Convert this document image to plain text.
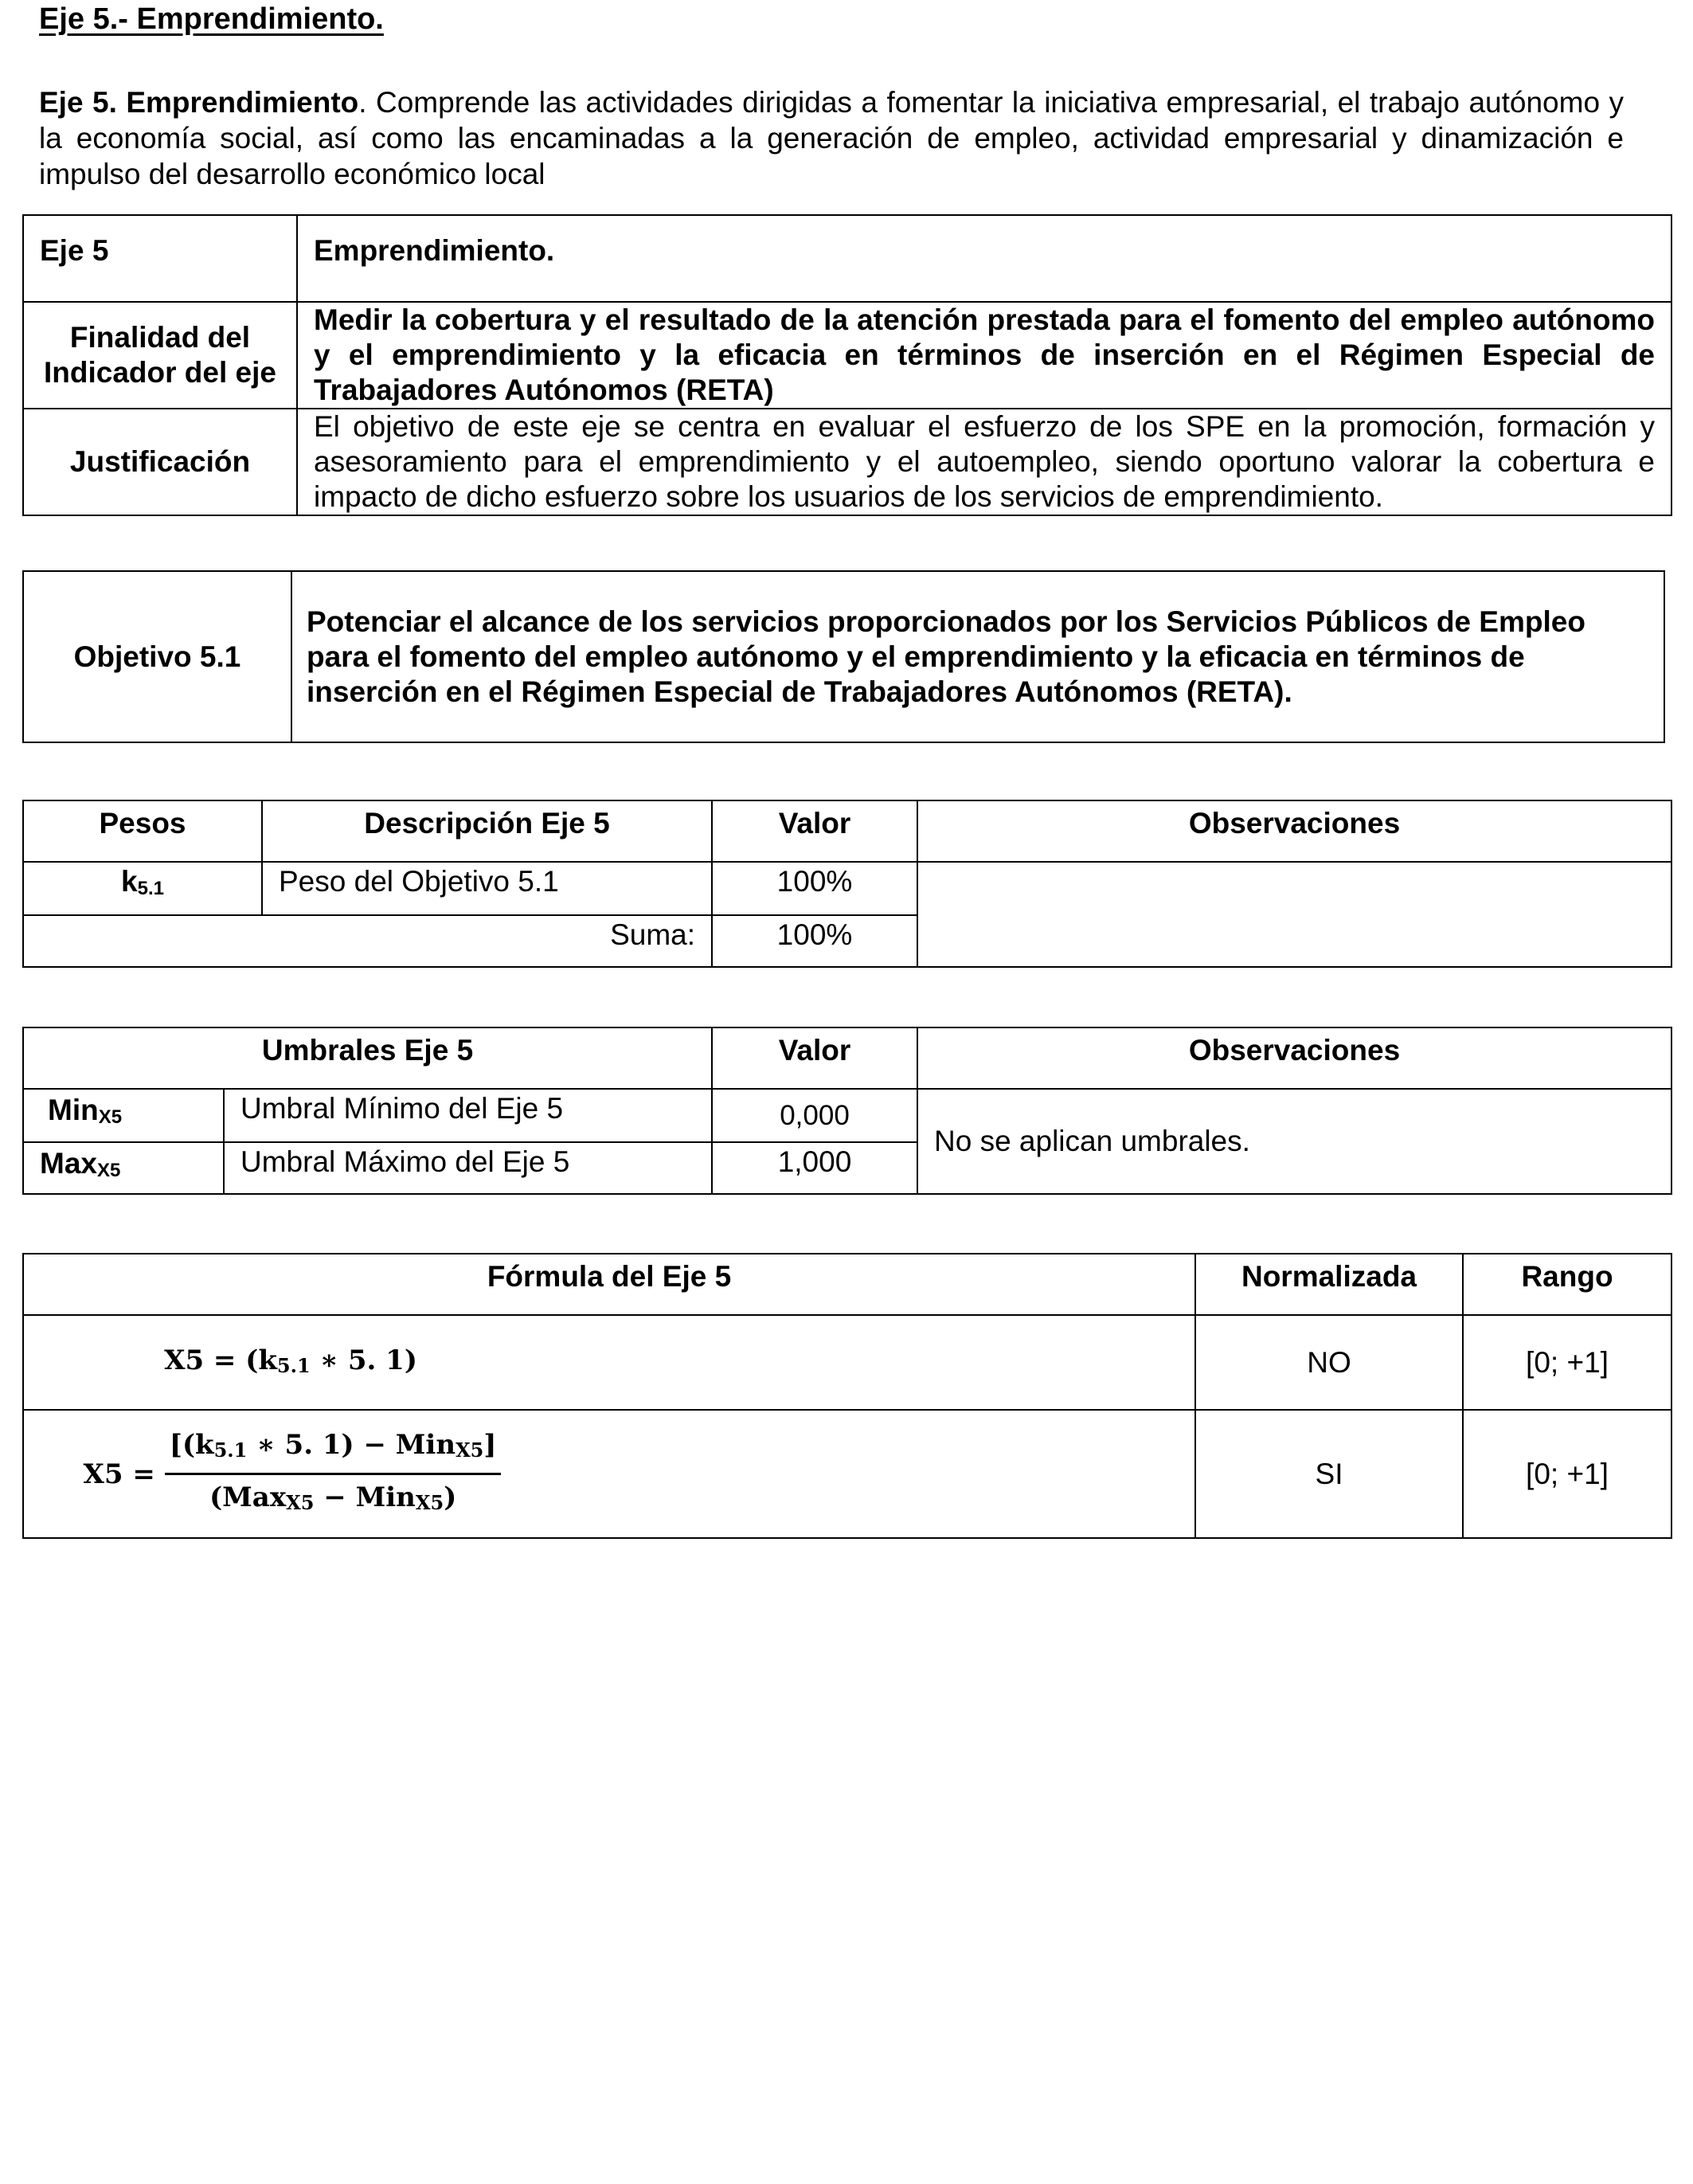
Eje 5.- Emprendimiento.
Eje 5. Emprendimiento. Comprende las actividades dirigidas a fomentar la iniciativa empresarial, el trabajo autónomo y la economía social, así como las encaminadas a la generación de empleo, actividad empresarial y dinamización e impulso del desarrollo económico local
Eje 5	Emprendimiento.
Finalidad del Indicador del eje	Medir la cobertura y el resultado de la atención prestada para el fomento del empleo autónomo y el emprendimiento y la eficacia en términos de inserción en el Régimen Especial de Trabajadores Autónomos (RETA)
Justificación	El objetivo de este eje se centra en evaluar el esfuerzo de los SPE en la promoción, formación y asesoramiento para el emprendimiento y el autoempleo, siendo oportuno valorar la cobertura e impacto de dicho esfuerzo sobre los usuarios de los servicios de emprendimiento.
Objetivo 5.1	Potenciar el alcance de los servicios proporcionados por los Servicios Públicos de Empleo para el fomento del empleo autónomo y el emprendimiento y la eficacia en términos de inserción en el Régimen Especial de Trabajadores Autónomos (RETA).
Pesos	Descripción Eje 5	Valor	Observaciones
$k_{5.1}$	Peso del Objetivo 5.1	100%	
Suma:		100%	
Umbrales Eje 5		Valor	Observaciones
Min$_{X5}$	Umbral Mínimo del Eje 5	0,000	No se aplican umbrales.
Max$_{X5}$	Umbral Máximo del Eje 5	1,000	
Fórmula del Eje 5	Normalizada	Rango
$X5 = (k_{5.1}$ ∗ 5. 1)	NO	[0; +1]

$X5 = \frac{[(k_{5.1} ∗ 5. 1) - Min_{X5}]}{(Max_{X5} - Min_{X5})}$	SI	[0; +1]
